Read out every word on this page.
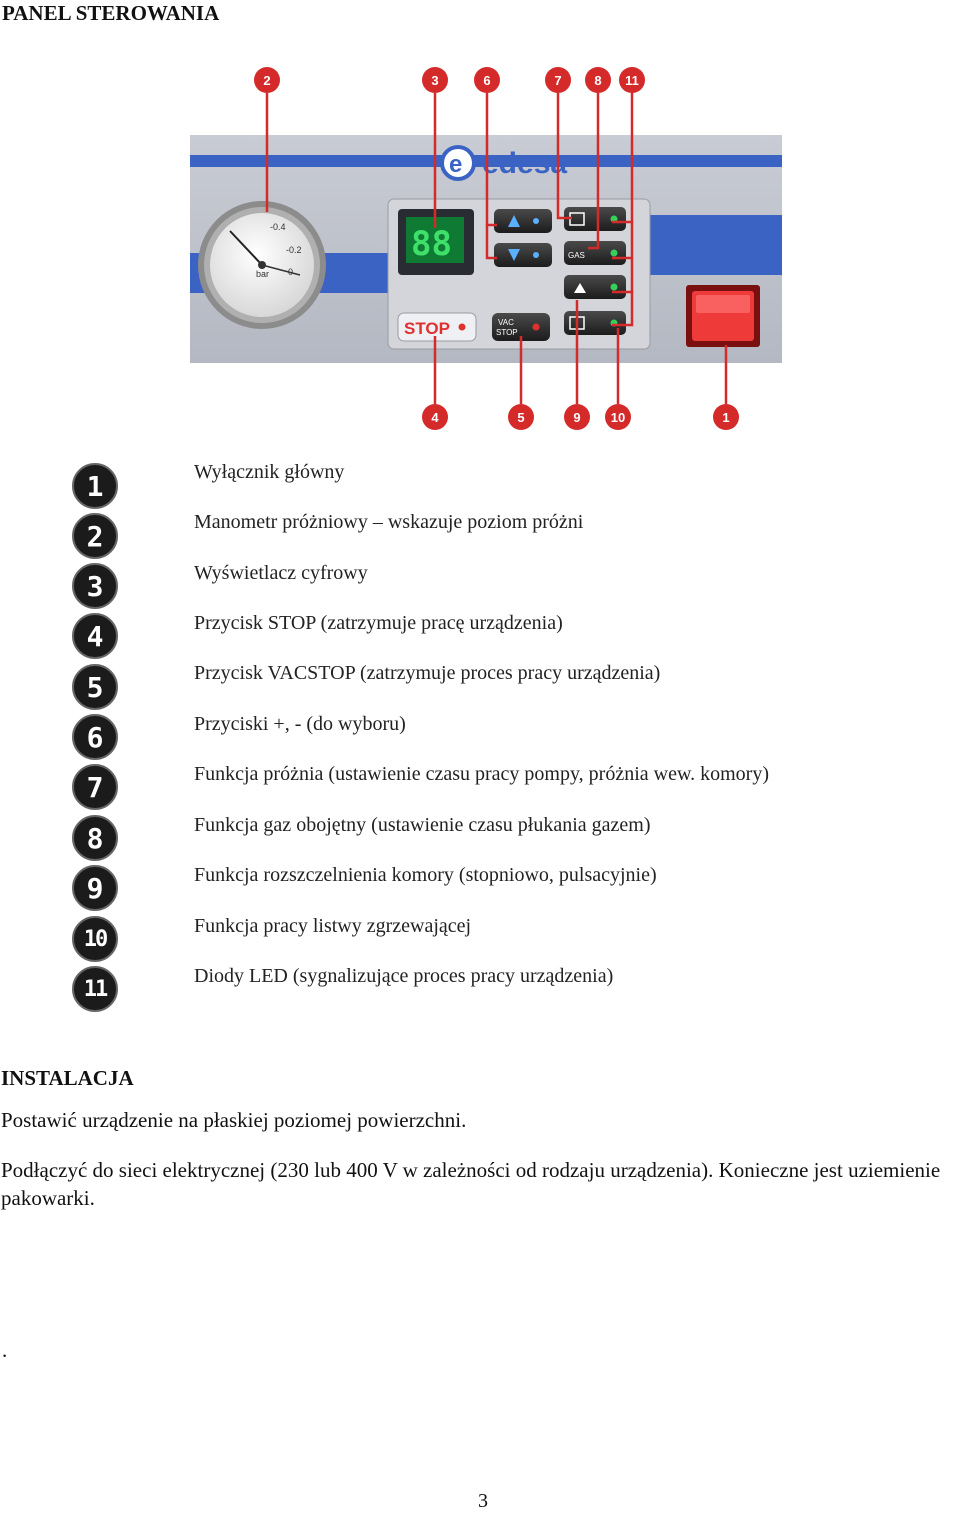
PANEL STEROWANIA
e edesa
-0.4
-0.2
0
bar
88	GAS
STOP	VAC
STOP
2	3	6	7	8	11
4	5	9	10	1
1	Wyłącznik główny
2	Manometr próżniowy – wskazuje poziom próżni
3	Wyświetlacz cyfrowy
4	Przycisk STOP (zatrzymuje pracę urządzenia)
5	Przycisk VACSTOP (zatrzymuje proces pracy urządzenia)
6	Przyciski +, - (do wyboru)
7	Funkcja próżnia (ustawienie czasu pracy pompy, próżnia wew. komory)
8	Funkcja gaz obojętny (ustawienie czasu płukania gazem)
9	Funkcja rozszczelnienia komory (stopniowo, pulsacyjnie)
10
Funkcja pracy listwy zgrzewającej
11
Diody LED (sygnalizujące proces pracy urządzenia)
INSTALACJA
Postawić urządzenie na płaskiej poziomej powierzchni.
Podłączyć do sieci elektrycznej (230 lub 400 V w zależności od rodzaju urządzenia). Konieczne jest uziemienie pakowarki.
.
3
